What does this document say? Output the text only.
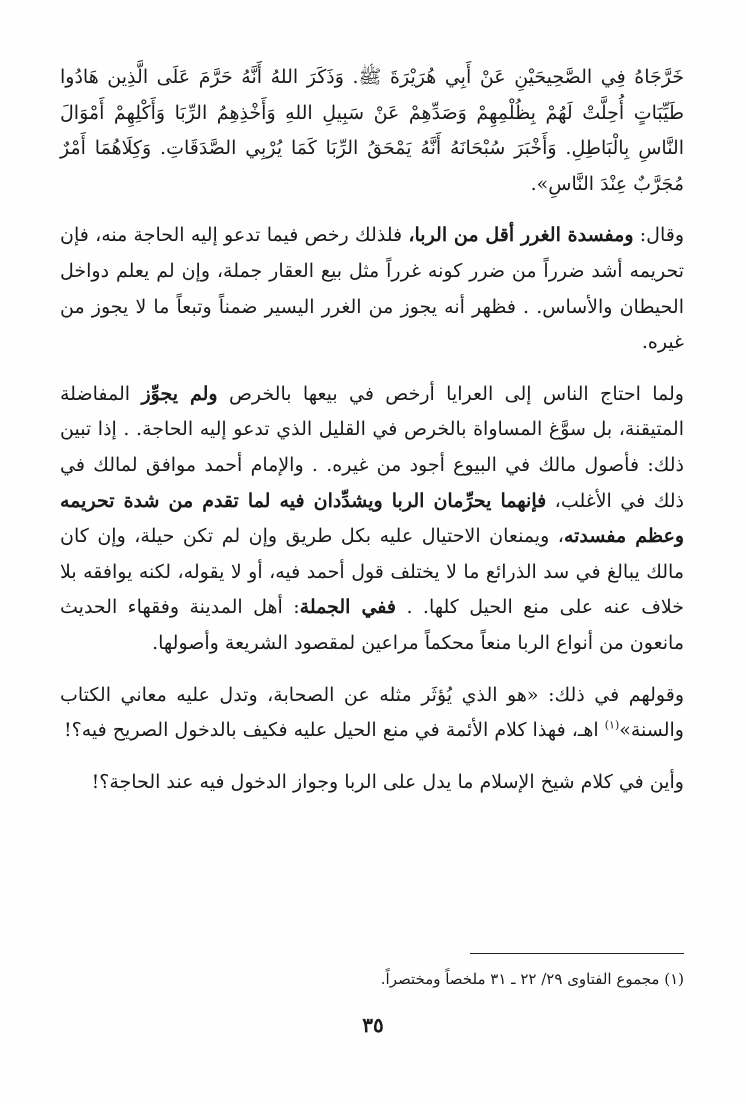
خَرَّجَاهُ فِي الصَّحِيحَيْنِ عَنْ أَبِي هُرَيْرَةَ ﷺ. وَذَكَرَ اللهُ أَنَّهُ حَرَّمَ عَلَى الَّذِين هَادُوا طَيِّبَاتٍ أُحِلَّتْ لَهُمْ بِظُلْمِهِمْ وَصَدِّهِمْ عَنْ سَبِيلِ اللهِ وَأَخْذِهِمُ الرِّبَا وَأَكْلِهِمْ أَمْوَالَ النَّاسِ بِالْبَاطِلِ. وَأَخْبَرَ سُبْحَانَهُ أَنَّهُ يَمْحَقُ الرِّبَا كَمَا يُرْبِي الصَّدَقَاتِ. وَكِلَاهُمَا أَمْرٌ مُجَرَّبٌ عِنْدَ النَّاسِ».

وقال: ومفسدة الغرر أقل من الربا، فلذلك رخص فيما تدعو إليه الحاجة منه، فإن تحريمه أشد ضرراً من ضرر كونه غرراً مثل بيع العقار جملة، وإن لم يعلم دواخل الحيطان والأساس. . فظهر أنه يجوز من الغرر اليسير ضمناً وتبعاً ما لا يجوز من غيره.

ولما احتاج الناس إلى العرايا أرخص في بيعها بالخرص ولم يجوِّز المفاضلة المتيقنة، بل سوَّغ المساواة بالخرص في القليل الذي تدعو إليه الحاجة. . إذا تبين ذلك: فأصول مالك في البيوع أجود من غيره. . والإمام أحمد موافق لمالك في ذلك في الأغلب، فإنهما يحرِّمان الربا ويشدِّدان فيه لما تقدم من شدة تحريمه وعظم مفسدته، ويمنعان الاحتيال عليه بكل طريق وإن لم تكن حيلة، وإن كان مالك يبالغ في سد الذرائع ما لا يختلف قول أحمد فيه، أو لا يقوله، لكنه يوافقه بلا خلاف عنه على منع الحيل كلها. . ففي الجملة: أهل المدينة وفقهاء الحديث مانعون من أنواع الربا منعاً محكماً مراعين لمقصود الشريعة وأصولها.

وقولهم في ذلك: «هو الذي يُؤثَر مثله عن الصحابة، وتدل عليه معاني الكتاب والسنة»$^{(١)}$ اهـ، فهذا كلام الأئمة في منع الحيل عليه فكيف بالدخول الصريح فيه؟!

وأين في كلام شيخ الإسلام ما يدل على الربا وجواز الدخول فيه عند الحاجة؟!

(١) مجموع الفتاوى ٢٩/ ٢٢ ـ ٣١ ملخصاً ومختصراً.
٣٥
